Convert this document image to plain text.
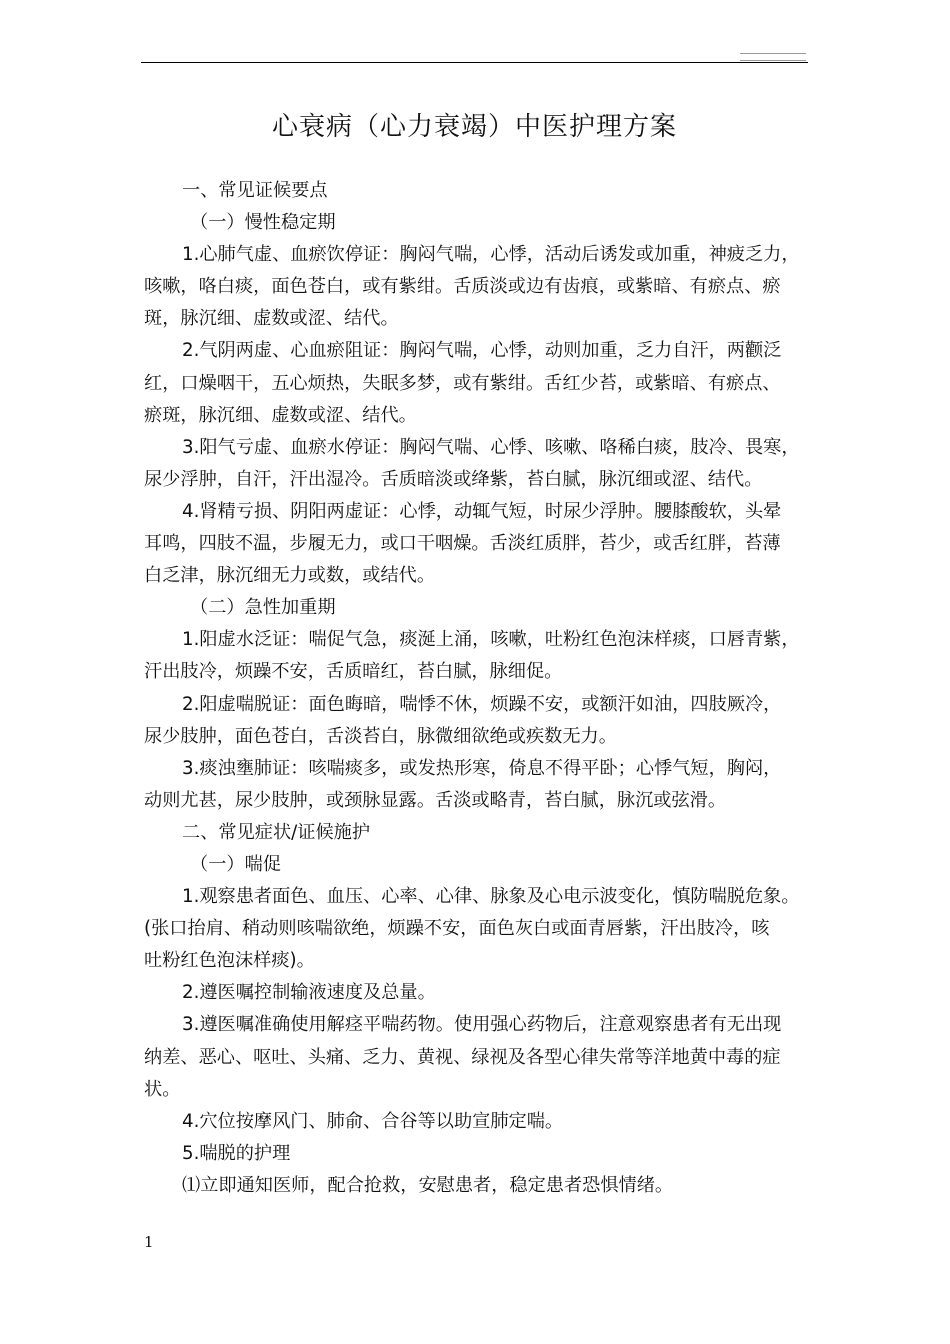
心衰病（心力衰竭）中医护理方案

一、常见证候要点

（一）慢性稳定期

1.心肺气虚、血瘀饮停证：胸闷气喘，心悸，活动后诱发或加重，神疲乏力，

咳嗽，咯白痰，面色苍白，或有紫绀。舌质淡或边有齿痕，或紫暗、有瘀点、瘀

斑，脉沉细、虚数或涩、结代。

2.气阴两虚、心血瘀阻证：胸闷气喘，心悸，动则加重，乏力自汗，两颧泛

红，口燥咽干，五心烦热，失眠多梦，或有紫绀。舌红少苔，或紫暗、有瘀点、

瘀斑，脉沉细、虚数或涩、结代。

3.阳气亏虚、血瘀水停证：胸闷气喘、心悸、咳嗽、咯稀白痰，肢冷、畏寒，

尿少浮肿，自汗，汗出湿冷。舌质暗淡或绛紫，苔白腻，脉沉细或涩、结代。

4.肾精亏损、阴阳两虚证：心悸，动辄气短，时尿少浮肿。腰膝酸软，头晕

耳鸣，四肢不温，步履无力，或口干咽燥。舌淡红质胖，苔少，或舌红胖，苔薄

白乏津，脉沉细无力或数，或结代。

（二）急性加重期

1.阳虚水泛证：喘促气急，痰涎上涌，咳嗽，吐粉红色泡沫样痰，口唇青紫，

汗出肢冷，烦躁不安，舌质暗红，苔白腻，脉细促。

2.阳虚喘脱证：面色晦暗，喘悸不休，烦躁不安，或额汗如油，四肢厥冷，

尿少肢肿，面色苍白，舌淡苔白，脉微细欲绝或疾数无力。

3.痰浊壅肺证：咳喘痰多，或发热形寒，倚息不得平卧；心悸气短，胸闷，

动则尤甚，尿少肢肿，或颈脉显露。舌淡或略青，苔白腻，脉沉或弦滑。

二、常见症状/证候施护

（一）喘促

1.观察患者面色、血压、心率、心律、脉象及心电示波变化，慎防喘脱危象。

(张口抬肩、稍动则咳喘欲绝，烦躁不安，面色灰白或面青唇紫，汗出肢冷，咳

吐粉红色泡沫样痰)。

2.遵医嘱控制输液速度及总量。

3.遵医嘱准确使用解痉平喘药物。使用强心药物后，注意观察患者有无出现

纳差、恶心、呕吐、头痛、乏力、黄视、绿视及各型心律失常等洋地黄中毒的症

状。

4.穴位按摩风门、肺俞、合谷等以助宣肺定喘。

5.喘脱的护理

⑴立即通知医师，配合抢救，安慰患者，稳定患者恐惧情绪。

1
